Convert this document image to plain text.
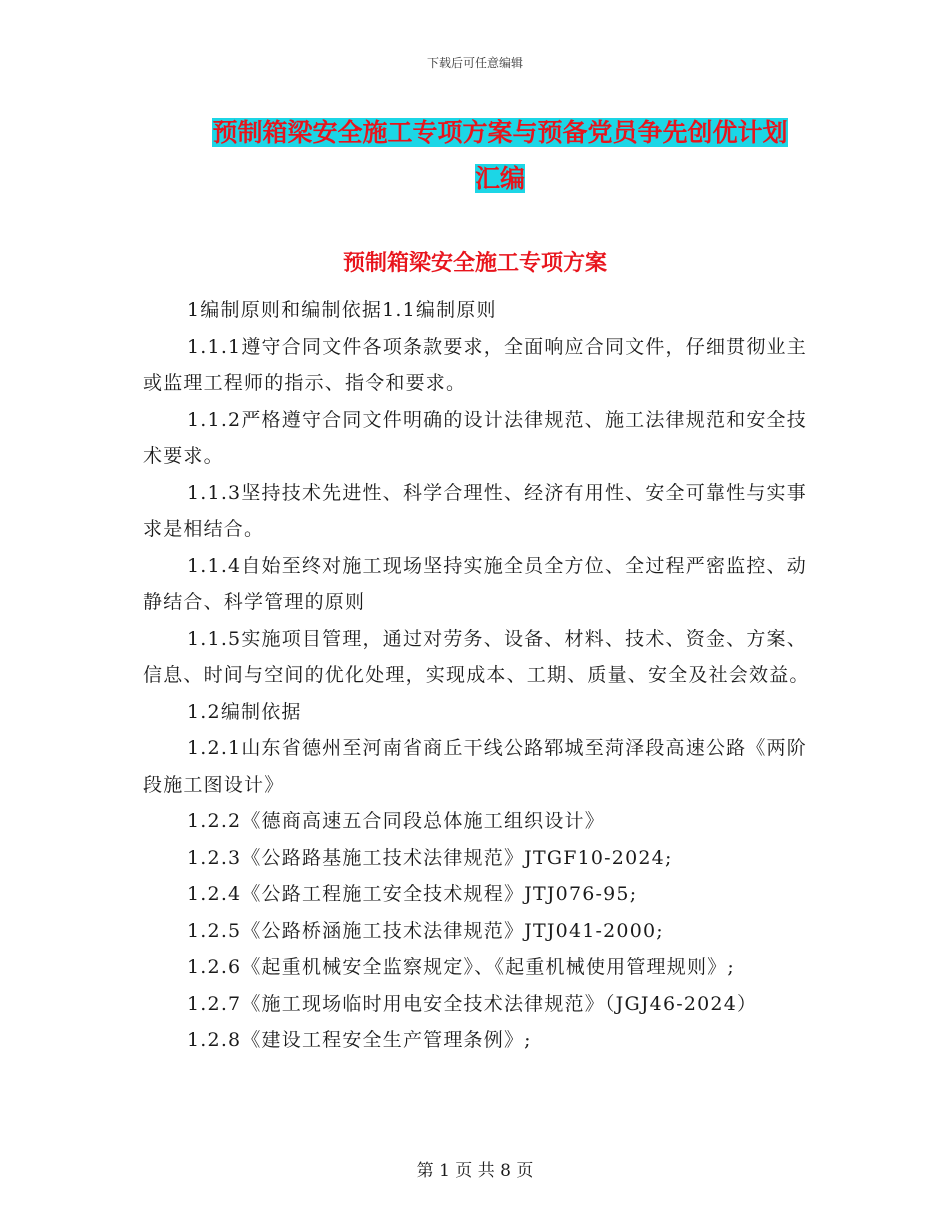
下载后可任意编辑
预制箱梁安全施工专项方案与预备党员争先创优计划
汇编
预制箱梁安全施工专项方案

1编制原则和编制依据1.1编制原则

1.1.1遵守合同文件各项条款要求，全面响应合同文件，仔细贯彻业主或监理工程师的指示、指令和要求。

1.1.2严格遵守合同文件明确的设计法律规范、施工法律规范和安全技术要求。

1.1.3坚持技术先进性、科学合理性、经济有用性、安全可靠性与实事求是相结合。

1.1.4自始至终对施工现场坚持实施全员全方位、全过程严密监控、动静结合、科学管理的原则

1.1.5实施项目管理，通过对劳务、设备、材料、技术、资金、方案、信息、时间与空间的优化处理，实现成本、工期、质量、安全及社会效益。

1.2编制依据

1.2.1山东省德州至河南省商丘干线公路郓城至菏泽段高速公路《两阶段施工图设计》

1.2.2《德商高速五合同段总体施工组织设计》

1.2.3《公路路基施工技术法律规范》JTGF10-2024;

1.2.4《公路工程施工安全技术规程》JTJ076-95;

1.2.5《公路桥涵施工技术法律规范》JTJ041-2000;

1.2.6《起重机械安全监察规定》、《起重机械使用管理规则》;

1.2.7《施工现场临时用电安全技术法律规范》（JGJ46-2024）

1.2.8《建设工程安全生产管理条例》;

第 1 页 共 8 页
